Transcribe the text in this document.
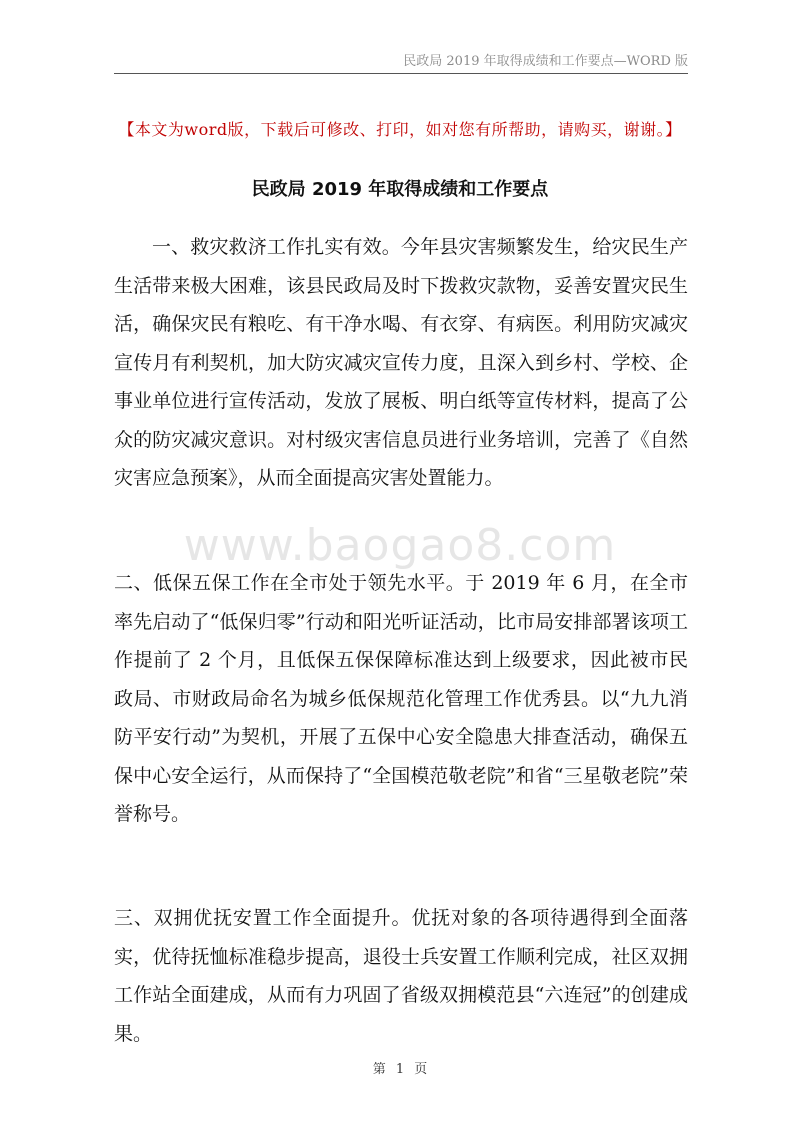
民政局 2019 年取得成绩和工作要点—WORD 版
【本文为word版，下载后可修改、打印，如对您有所帮助，请购买，谢谢。】
民政局 2019 年取得成绩和工作要点

一、救灾救济工作扎实有效。今年县灾害频繁发生，给灾民生产生活带来极大困难，该县民政局及时下拨救灾款物，妥善安置灾民生活，确保灾民有粮吃、有干净水喝、有衣穿、有病医。利用防灾减灾宣传月有利契机，加大防灾减灾宣传力度，且深入到乡村、学校、企事业单位进行宣传活动，发放了展板、明白纸等宣传材料，提高了公众的防灾减灾意识。对村级灾害信息员进行业务培训，完善了《自然灾害应急预案》，从而全面提高灾害处置能力。

www.baogao8.com

二、低保五保工作在全市处于领先水平。于 2019 年 6 月，在全市率先启动了“低保归零”行动和阳光听证活动，比市局安排部署该项工作提前了 2 个月，且低保五保保障标准达到上级要求，因此被市民政局、市财政局命名为城乡低保规范化管理工作优秀县。以“九九消防平安行动”为契机，开展了五保中心安全隐患大排查活动，确保五保中心安全运行，从而保持了“全国模范敬老院”和省“三星敬老院”荣誉称号。

三、双拥优抚安置工作全面提升。优抚对象的各项待遇得到全面落实，优待抚恤标准稳步提高，退役士兵安置工作顺利完成，社区双拥工作站全面建成，从而有力巩固了省级双拥模范县“六连冠”的创建成果。

第 1 页
